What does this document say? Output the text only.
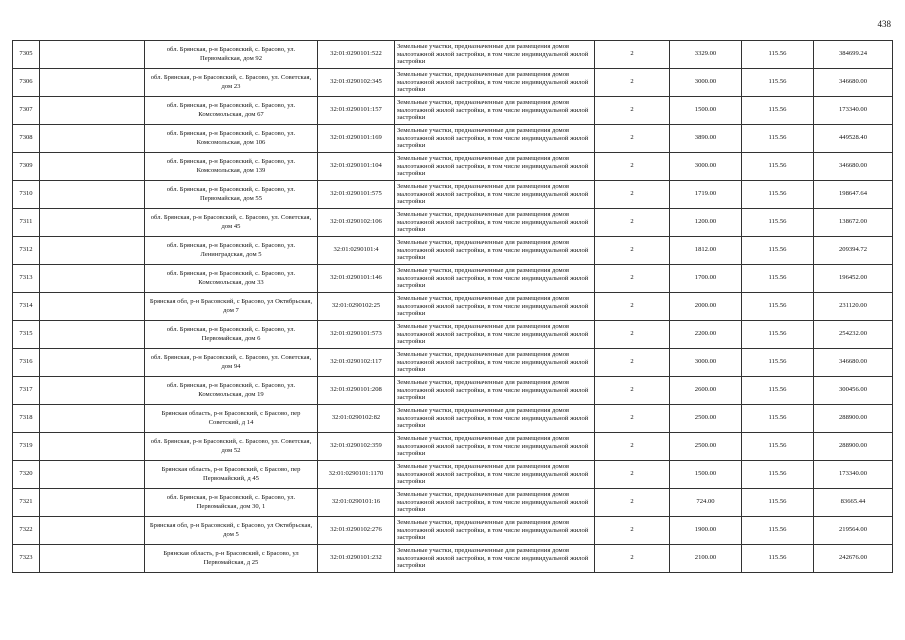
438
7305		обл. Брянская, р-н Брасовский, с. Брасово, ул. Первомайская, дом 92	32:01:0290101:522	Земельные участки, предназначенные для размещения домов малоэтажной жилой застройки, в том числе индивидуальной жилой застройки	2	3329.00	115.56	384699.24
7306		обл. Брянская, р-н Брасовский, с. Брасово, ул. Советская, дом 23	32:01:0290102:345	Земельные участки, предназначенные для размещения домов малоэтажной жилой застройки, в том числе индивидуальной жилой застройки	2	3000.00	115.56	346680.00
7307		обл. Брянская, р-н Брасовский, с. Брасово, ул. Комсомольская, дом 67	32:01:0290101:157	Земельные участки, предназначенные для размещения домов малоэтажной жилой застройки, в том числе индивидуальной жилой застройки	2	1500.00	115.56	173340.00
7308		обл. Брянская, р-н Брасовский, с. Брасово, ул. Комсомольская, дом 106	32:01:0290101:169	Земельные участки, предназначенные для размещения домов малоэтажной жилой застройки, в том числе индивидуальной жилой застройки	2	3890.00	115.56	449528.40
7309		обл. Брянская, р-н Брасовский, с. Брасово, ул. Комсомольская, дом 139	32:01:0290101:104	Земельные участки, предназначенные для размещения домов малоэтажной жилой застройки, в том числе индивидуальной жилой застройки	2	3000.00	115.56	346680.00
7310		обл. Брянская, р-н Брасовский, с. Брасово, ул. Первомайская, дом 55	32:01:0290101:575	Земельные участки, предназначенные для размещения домов малоэтажной жилой застройки, в том числе индивидуальной жилой застройки	2	1719.00	115.56	198647.64
7311		обл. Брянская, р-н Брасовский, с. Брасово, ул. Советская, дом 45	32:01:0290102:106	Земельные участки, предназначенные для размещения домов малоэтажной жилой застройки, в том числе индивидуальной жилой застройки	2	1200.00	115.56	138672.00
7312		обл. Брянская, р-н Брасовский, с. Брасово, ул. Ленинградская, дом 5	32:01:0290101:4	Земельные участки, предназначенные для размещения домов малоэтажной жилой застройки, в том числе индивидуальной жилой застройки	2	1812.00	115.56	209394.72
7313		обл. Брянская, р-н Брасовский, с. Брасово, ул. Комсомольская, дом 33	32:01:0290101:146	Земельные участки, предназначенные для размещения домов малоэтажной жилой застройки, в том числе индивидуальной жилой застройки	2	1700.00	115.56	196452.00
7314		Брянская обл, р-н Брасовский, с Брасово, ул Октябрьская, дом 7	32:01:0290102:25	Земельные участки, предназначенные для размещения домов малоэтажной жилой застройки, в том числе индивидуальной жилой застройки	2	2000.00	115.56	231120.00
7315		обл. Брянская, р-н Брасовский, с. Брасово, ул. Первомайская, дом 6	32:01:0290101:573	Земельные участки, предназначенные для размещения домов малоэтажной жилой застройки, в том числе индивидуальной жилой застройки	2	2200.00	115.56	254232.00
7316		обл. Брянская, р-н Брасовский, с. Брасово, ул. Советская, дом 94	32:01:0290102:117	Земельные участки, предназначенные для размещения домов малоэтажной жилой застройки, в том числе индивидуальной жилой застройки	2	3000.00	115.56	346680.00
7317		обл. Брянская, р-н Брасовский, с. Брасово, ул. Комсомольская, дом 19	32:01:0290101:208	Земельные участки, предназначенные для размещения домов малоэтажной жилой застройки, в том числе индивидуальной жилой застройки	2	2600.00	115.56	300456.00
7318		Брянская область, р-н Брасовский, с Брасово, пер Советский, д 14	32:01:0290102:82	Земельные участки, предназначенные для размещения домов малоэтажной жилой застройки, в том числе индивидуальной жилой застройки	2	2500.00	115.56	288900.00
7319		обл. Брянская, р-н Брасовский, с. Брасово, ул. Советская, дом 52	32:01:0290102:359	Земельные участки, предназначенные для размещения домов малоэтажной жилой застройки, в том числе индивидуальной жилой застройки	2	2500.00	115.56	288900.00
7320		Брянская область, р-н Брасовский, с Брасово, пер Первомайский, д 45	32:01:0290101:1170	Земельные участки, предназначенные для размещения домов малоэтажной жилой застройки, в том числе индивидуальной жилой застройки	2	1500.00	115.56	173340.00
7321		обл. Брянская, р-н Брасовский, с. Брасово, ул. Первомайская, дом 30, 1	32:01:0290101:16	Земельные участки, предназначенные для размещения домов малоэтажной жилой застройки, в том числе индивидуальной жилой застройки	2	724.00	115.56	83665.44
7322		Брянская обл, р-н Брасовский, с Брасово, ул Октябрьская, дом 5	32:01:0290102:276	Земельные участки, предназначенные для размещения домов малоэтажной жилой застройки, в том числе индивидуальной жилой застройки	2	1900.00	115.56	219564.00
7323		Брянская область, р-н Брасовский, с Брасово, ул Первомайская, д 25	32:01:0290101:232	Земельные участки, предназначенные для размещения домов малоэтажной жилой застройки, в том числе индивидуальной жилой застройки	2	2100.00	115.56	242676.00
